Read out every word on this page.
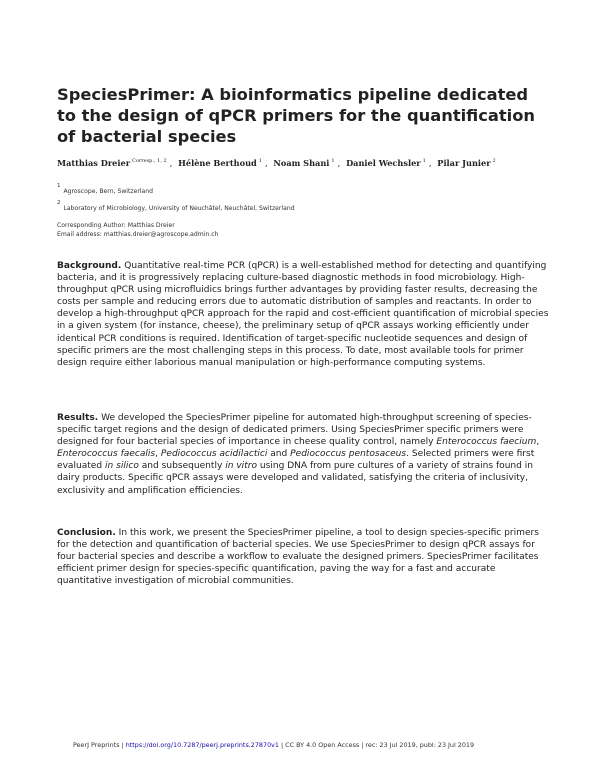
SpeciesPrimer: A bioinformatics pipeline dedicated to the design of qPCR primers for the quantification of bacterial species
Matthias Dreier $^{Corresp., 1, 2}$ , Hélène Berthoud $^1$ , Noam Shani $^1$ , Daniel Wechsler $^1$ , Pilar Junier $^2$
$^1$Agroscope, Bern, Switzerland
$^2$Laboratory of Microbiology, University of Neuchâtel, Neuchâtel, Switzerland
Corresponding Author: Matthias Dreier
Email address: matthias.dreier@agroscope.admin.ch
Background. Quantitative real-time PCR (qPCR) is a well-established method for detecting and quantifying bacteria, and it is progressively replacing culture-based diagnostic methods in food microbiology. High-throughput qPCR using microfluidics brings further advantages by providing faster results, decreasing the costs per sample and reducing errors due to automatic distribution of samples and reactants. In order to develop a high-throughput qPCR approach for the rapid and cost-efficient quantification of microbial species in a given system (for instance, cheese), the preliminary setup of qPCR assays working efficiently under identical PCR conditions is required. Identification of target-specific nucleotide sequences and design of specific primers are the most challenging steps in this process. To date, most available tools for primer design require either laborious manual manipulation or high-performance computing systems.
Results. We developed the SpeciesPrimer pipeline for automated high-throughput screening of species-specific target regions and the design of dedicated primers. Using SpeciesPrimer specific primers were designed for four bacterial species of importance in cheese quality control, namely Enterococcus faecium, Enterococcus faecalis, Pediococcus acidilactici and Pediococcus pentosaceus. Selected primers were first evaluated in silico and subsequently in vitro using DNA from pure cultures of a variety of strains found in dairy products. Specific qPCR assays were developed and validated, satisfying the criteria of inclusivity, exclusivity and amplification efficiencies.
Conclusion. In this work, we present the SpeciesPrimer pipeline, a tool to design species-specific primers for the detection and quantification of bacterial species. We use SpeciesPrimer to design qPCR assays for four bacterial species and describe a workflow to evaluate the designed primers. SpeciesPrimer facilitates efficient primer design for species-specific quantification, paving the way for a fast and accurate quantitative investigation of microbial communities.
PeerJ Preprints | https://doi.org/10.7287/peerj.preprints.27870v1 | CC BY 4.0 Open Access | rec: 23 Jul 2019, publ: 23 Jul 2019
